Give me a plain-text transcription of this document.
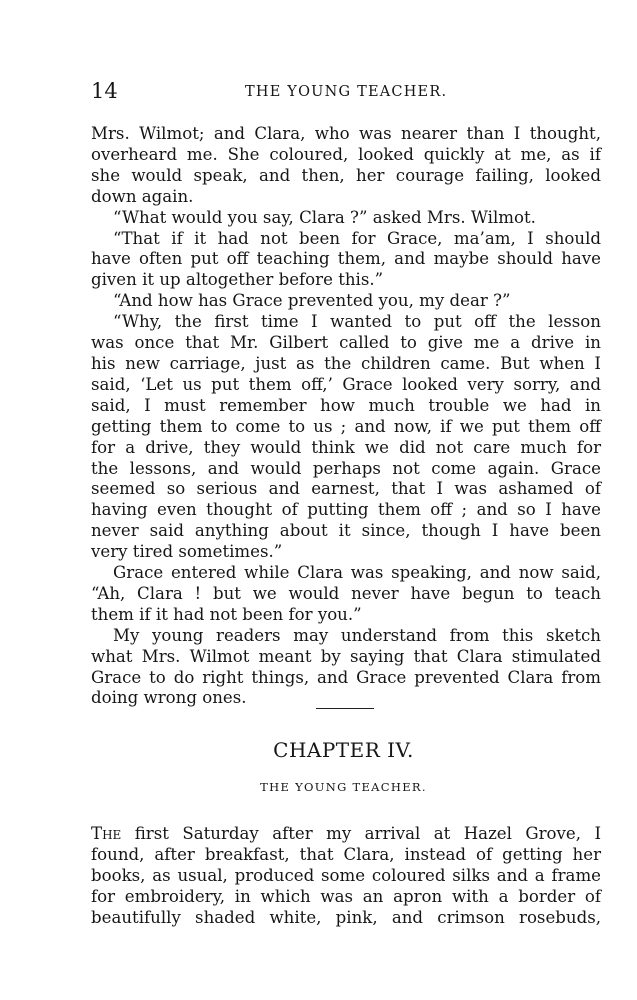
14	THE YOUNG TEACHER.
Mrs. Wilmot; and Clara, who was nearer than I thought,
overheard me. She coloured, looked quickly at me, as if
she would speak, and then, her courage failing, looked
down again.
“What would you say, Clara ?” asked Mrs. Wilmot.
“That if it had not been for Grace, ma’am, I should
have often put off teaching them, and maybe should have
given it up altogether before this.”
“And how has Grace prevented you, my dear ?”
“Why, the first time I wanted to put off the lesson
was once that Mr. Gilbert called to give me a drive in
his new carriage, just as the children came. But when I
said, ‘Let us put them off,’ Grace looked very sorry, and
said, I must remember how much trouble we had in
getting them to come to us ; and now, if we put them off
for a drive, they would think we did not care much for
the lessons, and would perhaps not come again. Grace
seemed so serious and earnest, that I was ashamed of
having even thought of putting them off ; and so I have
never said anything about it since, though I have been
very tired sometimes.”
Grace entered while Clara was speaking, and now said,
“Ah, Clara ! but we would never have begun to teach
them if it had not been for you.”
My young readers may understand from this sketch
what Mrs. Wilmot meant by saying that Clara stimulated
Grace to do right things, and Grace prevented Clara from
doing wrong ones.
CHAPTER IV.
THE YOUNG TEACHER.
The first Saturday after my arrival at Hazel Grove, I
found, after breakfast, that Clara, instead of getting her
books, as usual, produced some coloured silks and a frame
for embroidery, in which was an apron with a border of
beautifully shaded white, pink, and crimson rosebuds,
